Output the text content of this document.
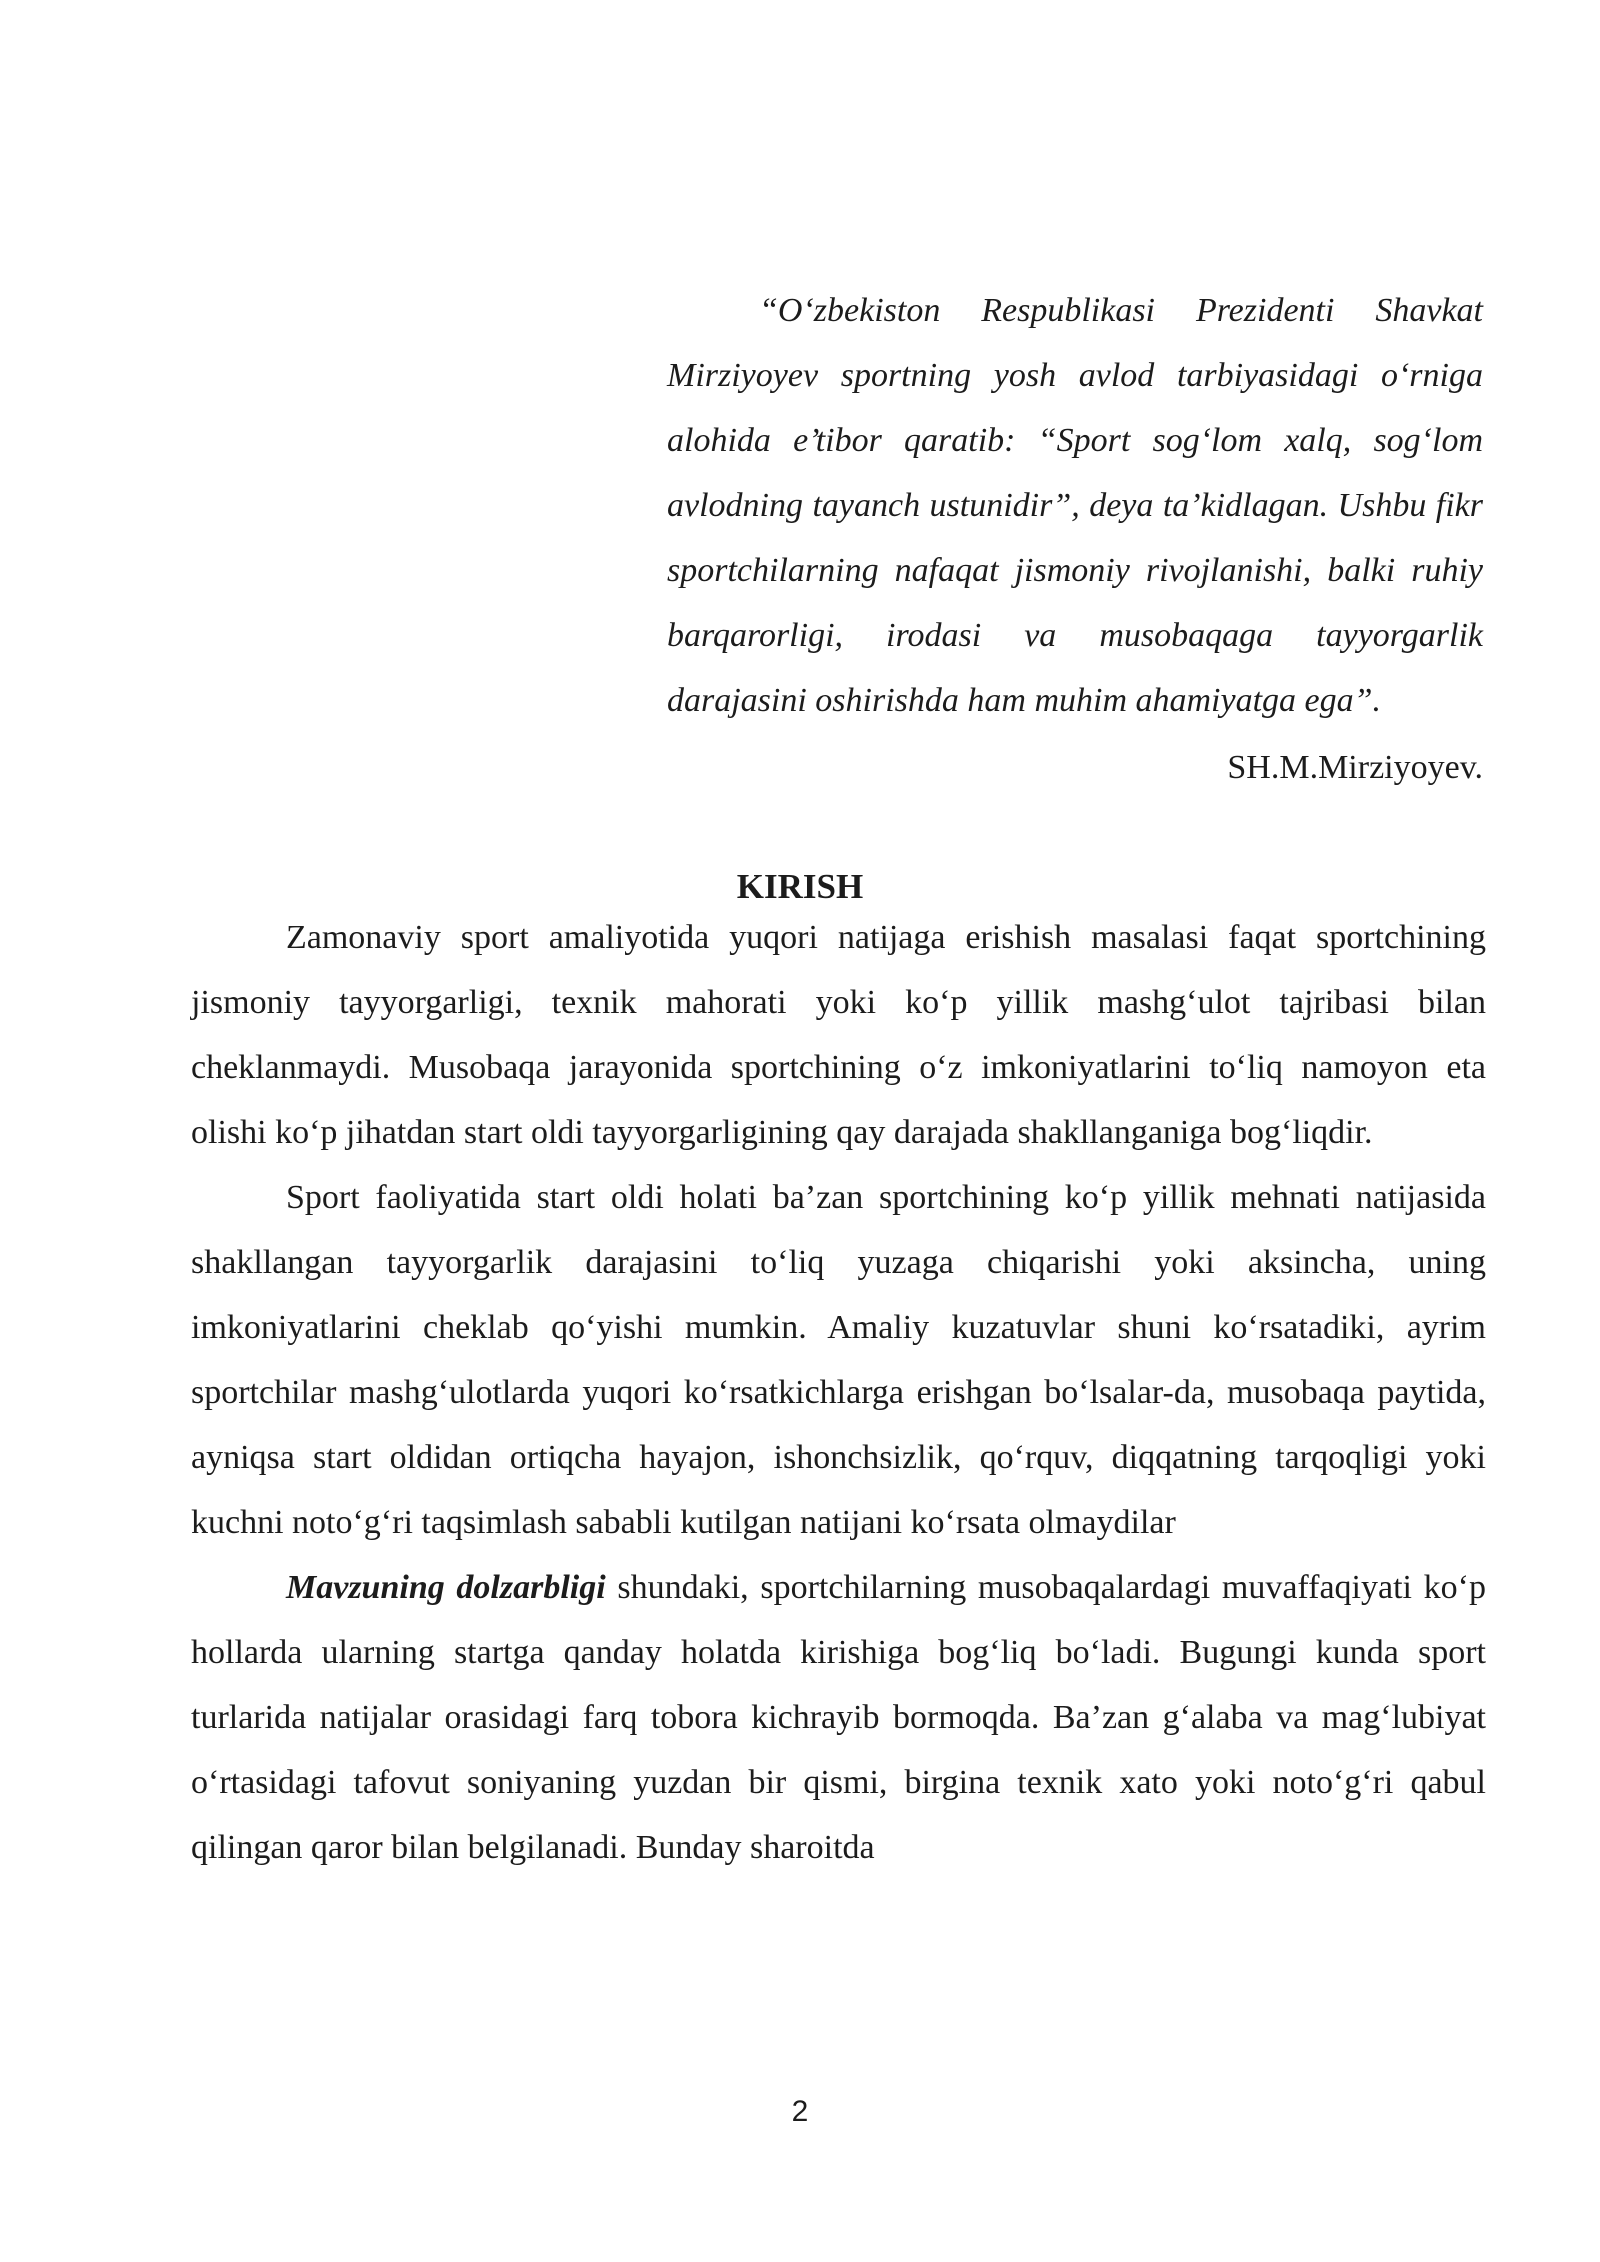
“O‘zbekiston Respublikasi Prezidenti Shavkat Mirziyoyev sportning yosh avlod tarbiyasidagi o‘rniga alohida e’tibor qaratib: “Sport sog‘lom xalq, sog‘lom avlodning tayanch ustunidir”, deya ta’kidlagan. Ushbu fikr sportchilarning nafaqat jismoniy rivojlanishi, balki ruhiy barqarorligi, irodasi va musobaqaga tayyorgarlik darajasini oshirishda ham muhim ahamiyatga ega”.

SH.M.Mirziyoyev.

KIRISH

Zamonaviy sport amaliyotida yuqori natijaga erishish masalasi faqat sportchining jismoniy tayyorgarligi, texnik mahorati yoki ko‘p yillik mashg‘ulot tajribasi bilan cheklanmaydi. Musobaqa jarayonida sportchining o‘z imkoniyatlarini to‘liq namoyon eta olishi ko‘p jihatdan start oldi tayyorgarligining qay darajada shakllanganiga bog‘liqdir.

Sport faoliyatida start oldi holati ba’zan sportchining ko‘p yillik mehnati natijasida shakllangan tayyorgarlik darajasini to‘liq yuzaga chiqarishi yoki aksincha, uning imkoniyatlarini cheklab qo‘yishi mumkin. Amaliy kuzatuvlar shuni ko‘rsatadiki, ayrim sportchilar mashg‘ulotlarda yuqori ko‘rsatkichlarga erishgan bo‘lsalar-da, musobaqa paytida, ayniqsa start oldidan ortiqcha hayajon, ishonchsizlik, qo‘rquv, diqqatning tarqoqligi yoki kuchni noto‘g‘ri taqsimlash sababli kutilgan natijani ko‘rsata olmaydilar

Mavzuning dolzarbligi shundaki, sportchilarning musobaqalardagi muvaffaqiyati ko‘p hollarda ularning startga qanday holatda kirishiga bog‘liq bo‘ladi. Bugungi kunda sport turlarida natijalar orasidagi farq tobora kichrayib bormoqda. Ba’zan g‘alaba va mag‘lubiyat o‘rtasidagi tafovut soniyaning yuzdan bir qismi, birgina texnik xato yoki noto‘g‘ri qabul qilingan qaror bilan belgilanadi. Bunday sharoitda

2
